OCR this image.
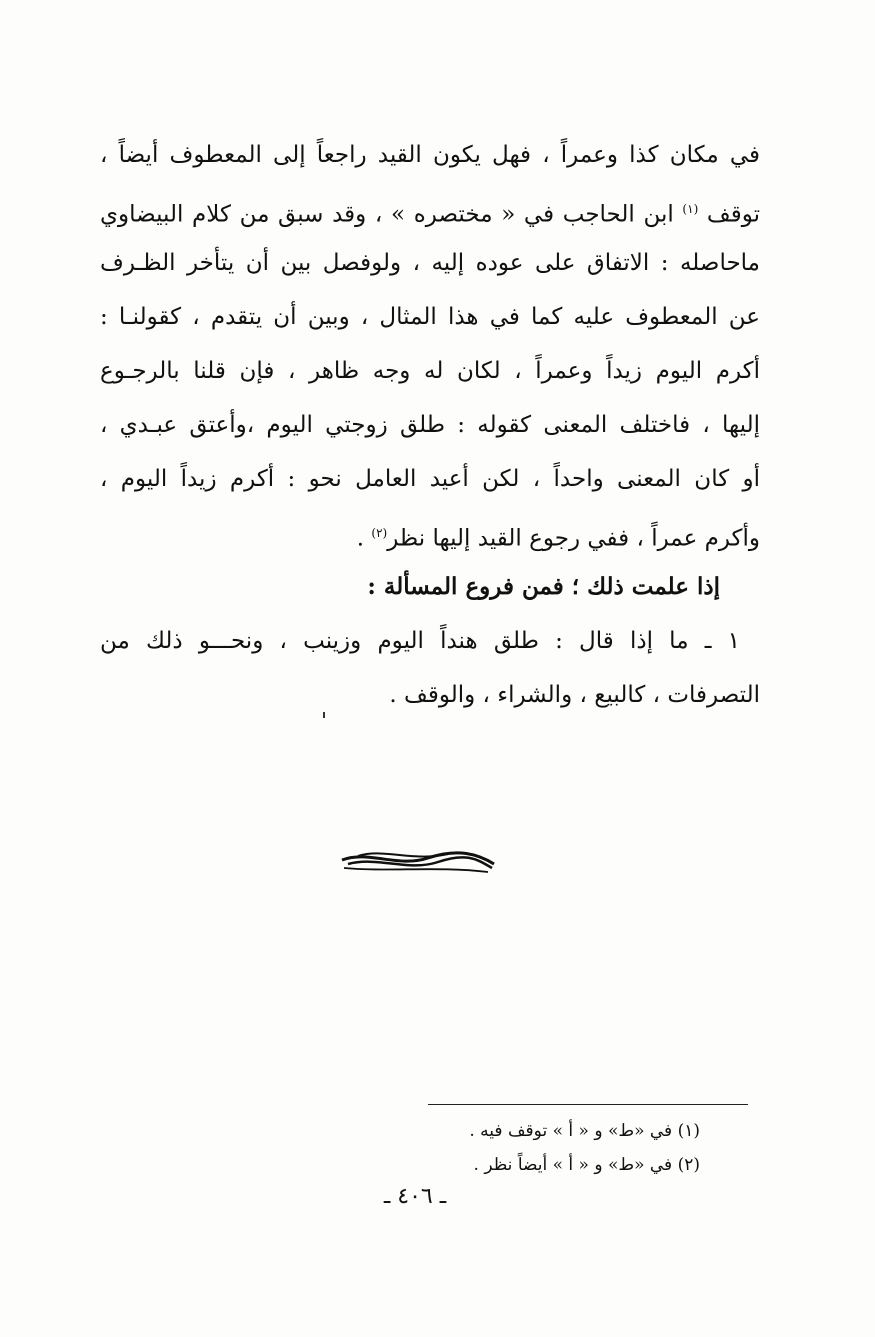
في مكان كذا وعمراً ، فهل يكون القيد راجعاً إلى المعطوف أيضاً ،
توقف $^{(١)}$ ابن الحاجب في « مختصره » ، وقد سبق من كلام البيضاوي
ماحاصله : الاتفاق على عوده إليه ، ولوفصل بين أن يتأخر الظـرف
عن المعطوف عليه كما في هذا المثال ، وبين أن يتقدم ، كقولنـا :
أكرم اليوم زيداً وعمراً ، لكان له وجه ظاهر ، فإن قلنا بالرجـوع
إليها ، فاختلف المعنى كقوله : طلق زوجتي اليوم ،وأعتق عبـدي ،
أو كان المعنى واحداً ، لكن أعيد العامل نحو : أكرم زيداً اليوم ،
وأكرم عمراً ، ففي رجوع القيد إليها نظر$^{(٢)}$ .
إذا علمت ذلك ؛ فمن فروع المسألة :
١ ـ ما إذا قال : طلق هنداً اليوم وزينب ، ونحـــو ذلك من
التصرفات ، كالبيع ، والشراء ، والوقف .
(١) في «ط» و « أ » توقف فيه .
(٢) في «ط» و « أ » أيضاً نظر .
ـ ٤٠٦ ـ
